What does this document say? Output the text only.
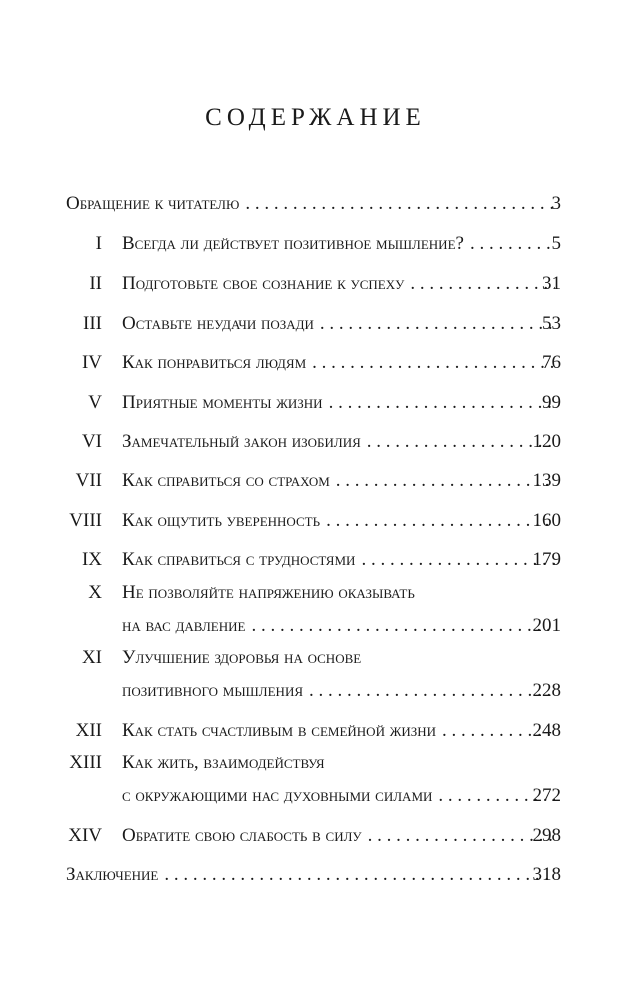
СОДЕРЖАНИЕ
Обращение к читателю . . .	3
I Всегда ли действует позитивное мышление? . . .	5
II Подготовьте свое сознание к успеху . . .	31
III Оставьте неудачи позади . . .	53
IV Как понравиться людям . . .	76
V Приятные моменты жизни . . .	99
VI Замечательный закон изобилия . . .	120
VII Как справиться со страхом . . .	139
VIII Как ощутить уверенность . . .	160
IX Как справиться с трудностями . . .	179
X Не позволяйте напряжению оказывать
на вас давление . . .	201
XI Улучшение здоровья на основе
позитивного мышления . . .	228
XII Как стать счастливым в семейной жизни . . .	248
XIII Как жить, взаимодействуя
с окружающими нас духовными силами . . .	272
XIV Обратите свою слабость в силу . . .	298
Заключение . . .	318
